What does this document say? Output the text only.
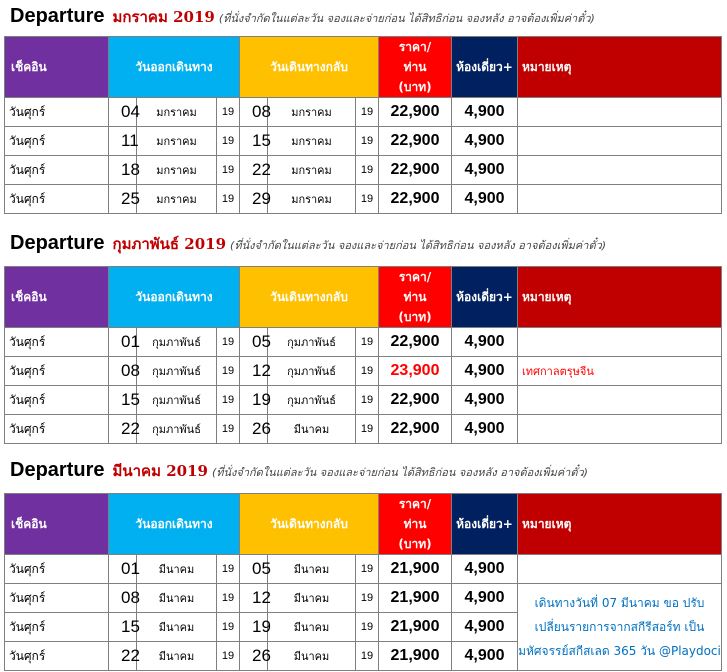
Departure มกราคม 2019 (ที่นั่งจำกัดในแต่ละวัน จองและจ่ายก่อน ได้สิทธิก่อน จองหลัง อาจต้องเพิ่มค่าตั๋ว)
เช็คอิน	วันออกเดินทาง			วันเดินทางกลับ			ราคา/ท่าน (บาท)	ห้องเดี่ยว+	หมายเหตุ
วันศุกร์	04	มกราคม	19	08	มกราคม	19	22,900	4,900	
วันศุกร์	11	มกราคม	19	15	มกราคม	19	22,900	4,900	
วันศุกร์	18	มกราคม	19	22	มกราคม	19	22,900	4,900	
วันศุกร์	25	มกราคม	19	29	มกราคม	19	22,900	4,900	
Departure กุมภาพันธ์ 2019 (ที่นั่งจำกัดในแต่ละวัน จองและจ่ายก่อน ได้สิทธิก่อน จองหลัง อาจต้องเพิ่มค่าตั๋ว)
เช็คอิน	วันออกเดินทาง			วันเดินทางกลับ			ราคา/ท่าน (บาท)	ห้องเดี่ยว+	หมายเหตุ
วันศุกร์	01	กุมภาพันธ์	19	05	กุมภาพันธ์	19	22,900	4,900	
วันศุกร์	08	กุมภาพันธ์	19	12	กุมภาพันธ์	19	23,900	4,900	เทศกาลตรุษจีน
วันศุกร์	15	กุมภาพันธ์	19	19	กุมภาพันธ์	19	22,900	4,900	
วันศุกร์	22	กุมภาพันธ์	19	26	มีนาคม	19	22,900	4,900	
Departure มีนาคม 2019 (ที่นั่งจำกัดในแต่ละวัน จองและจ่ายก่อน ได้สิทธิก่อน จองหลัง อาจต้องเพิ่มค่าตั๋ว)
เช็คอิน	วันออกเดินทาง			วันเดินทางกลับ			ราคา/ท่าน (บาท)	ห้องเดี่ยว+	หมายเหตุ
วันศุกร์	01	มีนาคม	19	05	มีนาคม	19	21,900	4,900	
วันศุกร์	08	มีนาคม	19	12	มีนาคม	19	21,900	4,900	เดินทางวันที่ 07 มีนาคม ขอ ปรับเปลี่ยนรายการจากสกีรีสอร์ท เป็น มหัศจรรย์สกีสเลด 365 วัน @Playdoci
วันศุกร์	15	มีนาคม	19	19	มีนาคม	19	21,900	4,900	
วันศุกร์	22	มีนาคม	19	26	มีนาคม	19	21,900	4,900	
